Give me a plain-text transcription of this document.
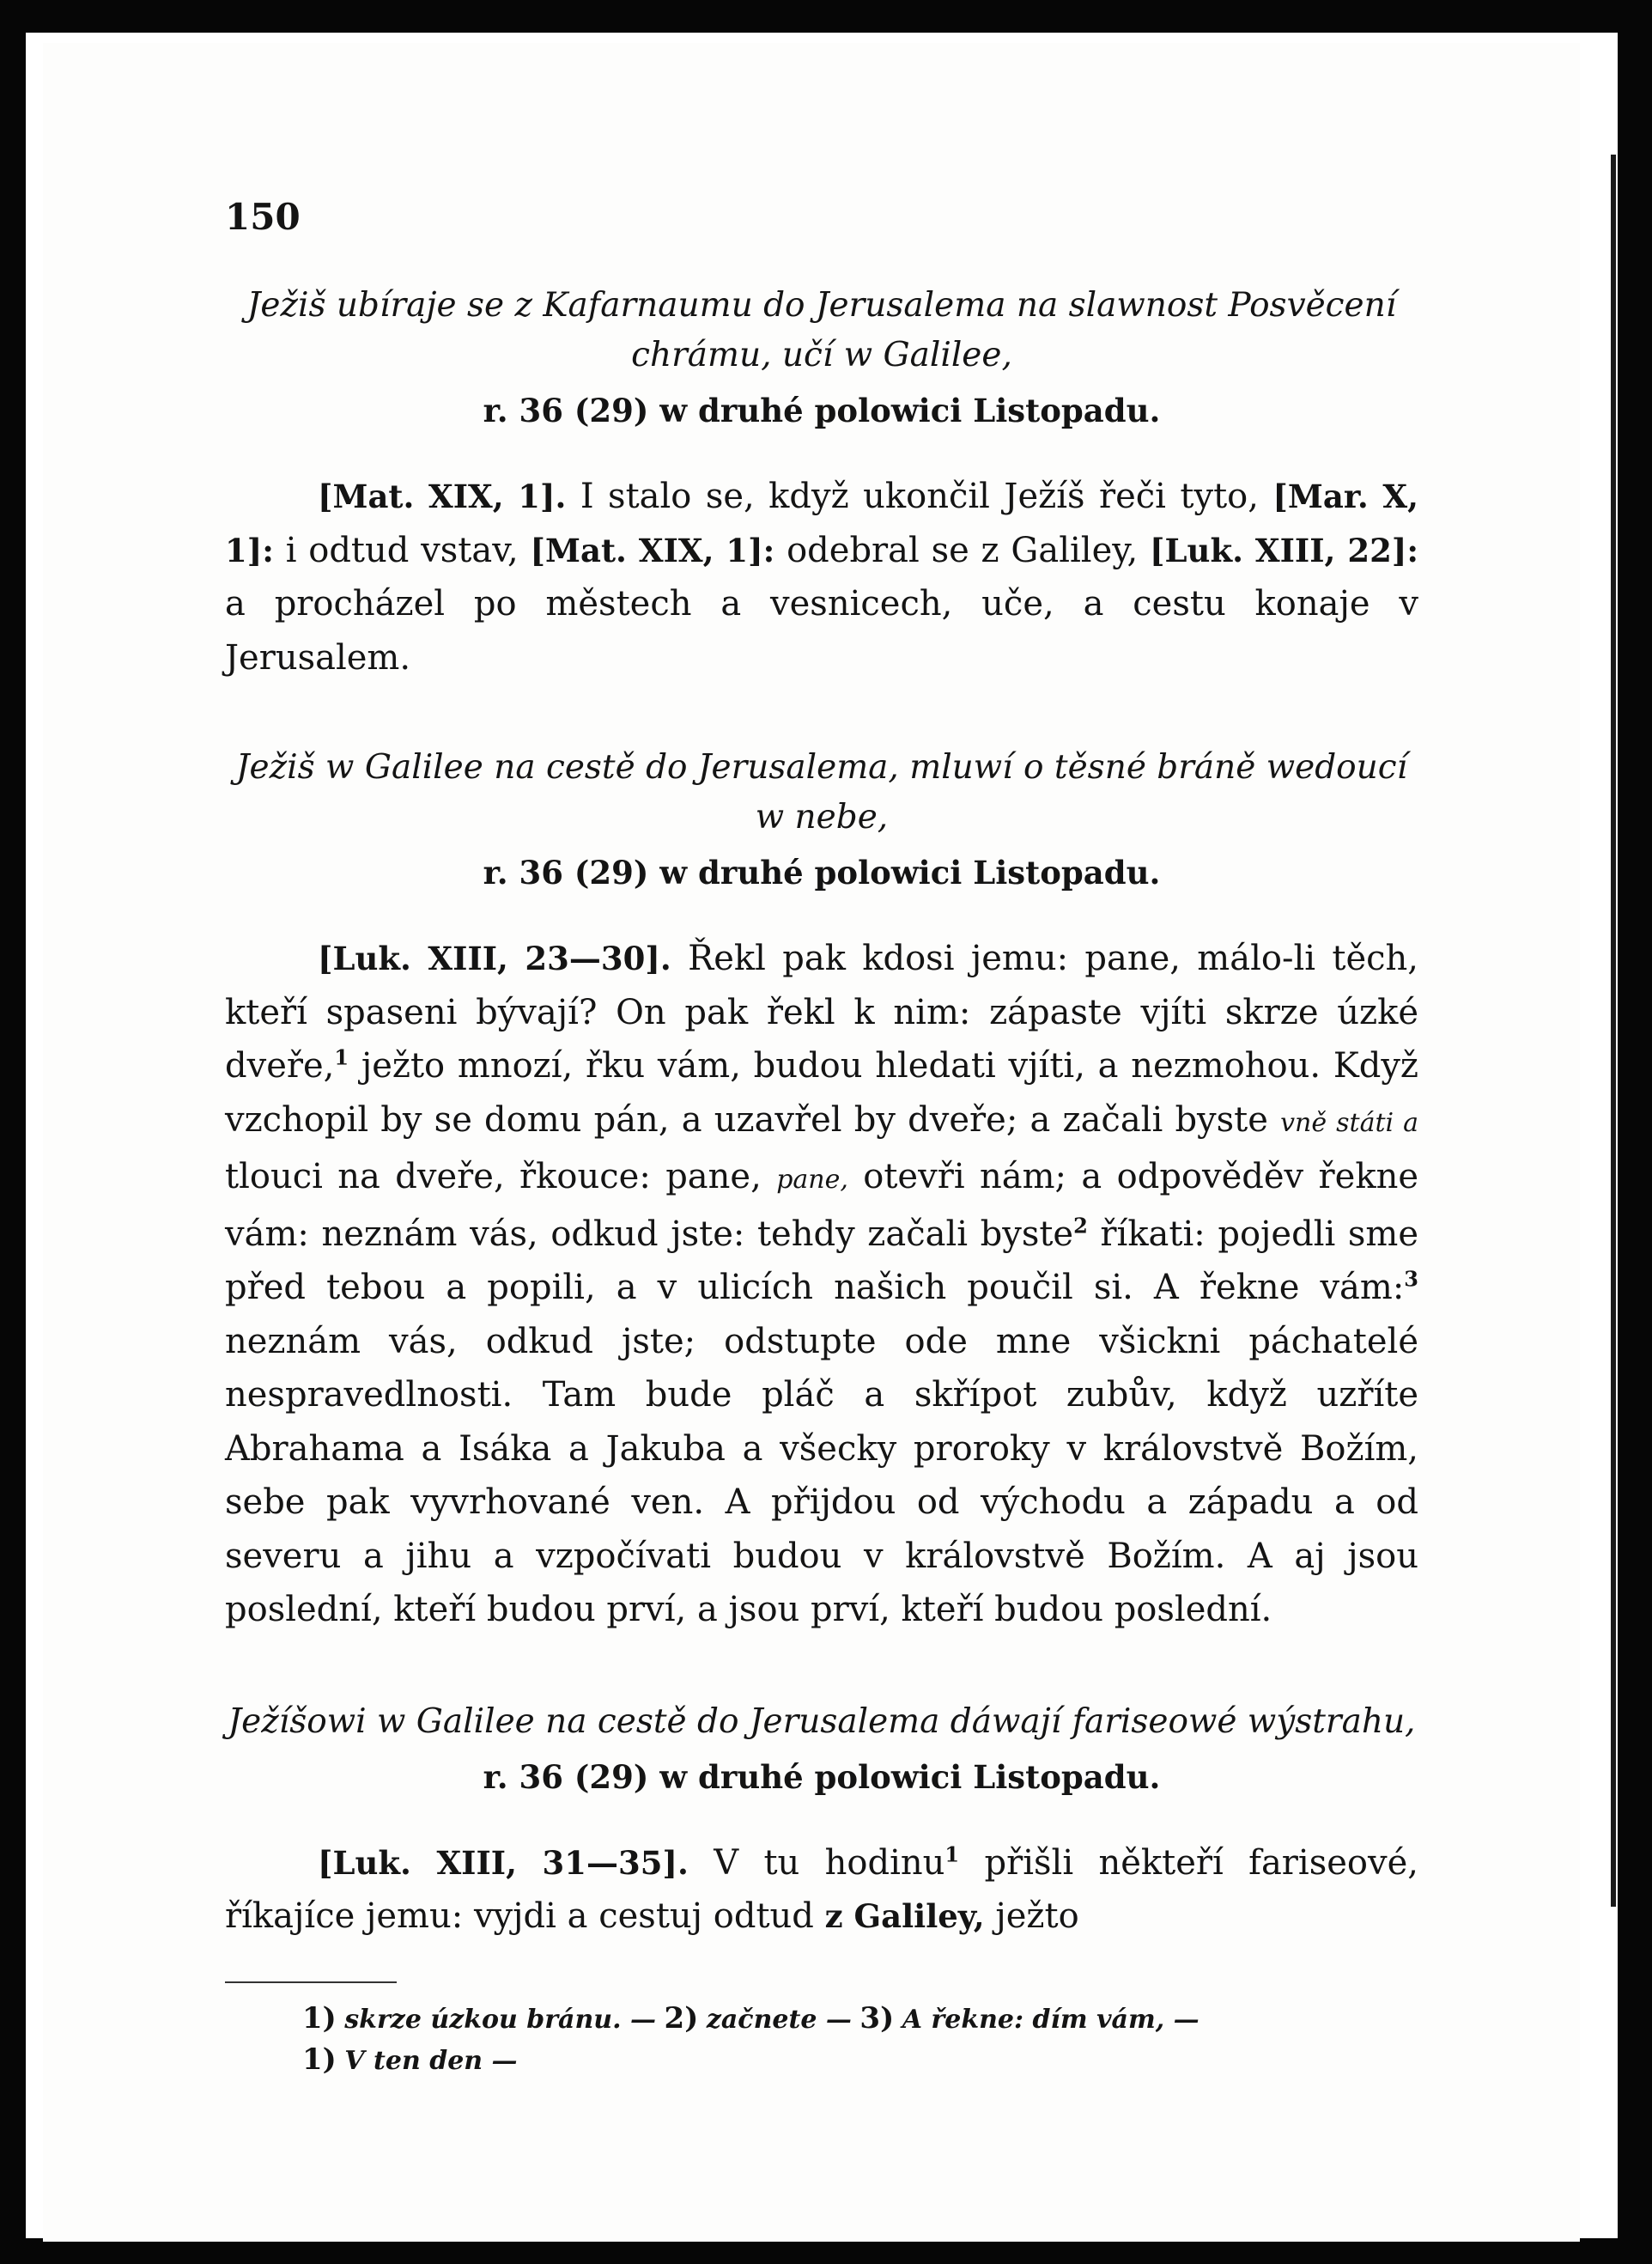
150

Ježiš ubíraje se z Kafarnaumu do Jerusalema na slawnost Posvěcení chrámu, učí w Galilee,

r. 36 (29) w druhé polowici Listopadu.

[Mat. XIX, 1]. I stalo se, když ukončil Ježíš řeči tyto, [Mar. X, 1]: i odtud vstav, [Mat. XIX, 1]: odebral se z Galiley, [Luk. XIII, 22]: a procházel po městech a vesnicech, uče, a cestu konaje v Jerusalem.

Ježiš w Galilee na cestě do Jerusalema, mluwí o těsné bráně wedoucí w nebe,

r. 36 (29) w druhé polowici Listopadu.

[Luk. XIII, 23—30]. Řekl pak kdosi jemu: pane, málo-li těch, kteří spaseni bývají? On pak řekl k nim: zápaste vjíti skrze úzké dveře,$^1$ ježto mnozí, řku vám, budou hledati vjíti, a nezmohou. Když vzchopil by se domu pán, a uzavřel by dveře; a začali byste vně státi a tlouci na dveře, řkouce: pane, pane, otevři nám; a odpověděv řekne vám: neznám vás, odkud jste: tehdy začali byste$^2$ říkati: pojedli sme před tebou a popili, a v ulicích našich poučil si. A řekne vám:$^3$ neznám vás, odkud jste; odstupte ode mne všickni páchatelé nespravedlnosti. Tam bude pláč a skřípot zubův, když uzříte Abrahama a Isáka a Jakuba a všecky proroky v královstvě Božím, sebe pak vyvrhované ven. A přijdou od východu a západu a od severu a jihu a vzpočívati budou v královstvě Božím. A aj jsou poslední, kteří budou prví, a jsou prví, kteří budou poslední.

Ježíšowi w Galilee na cestě do Jerusalema dáwají fariseowé wýstrahu,

r. 36 (29) w druhé polowici Listopadu.

[Luk. XIII, 31—35]. V tu hodinu$^1$ přišli někteří fariseové, říkajíce jemu: vyjdi a cestuj odtud z Galiley, ježto

1) skrze úzkou bránu. — 2) začnete — 3) A řekne: dím vám, —
1) V ten den —
